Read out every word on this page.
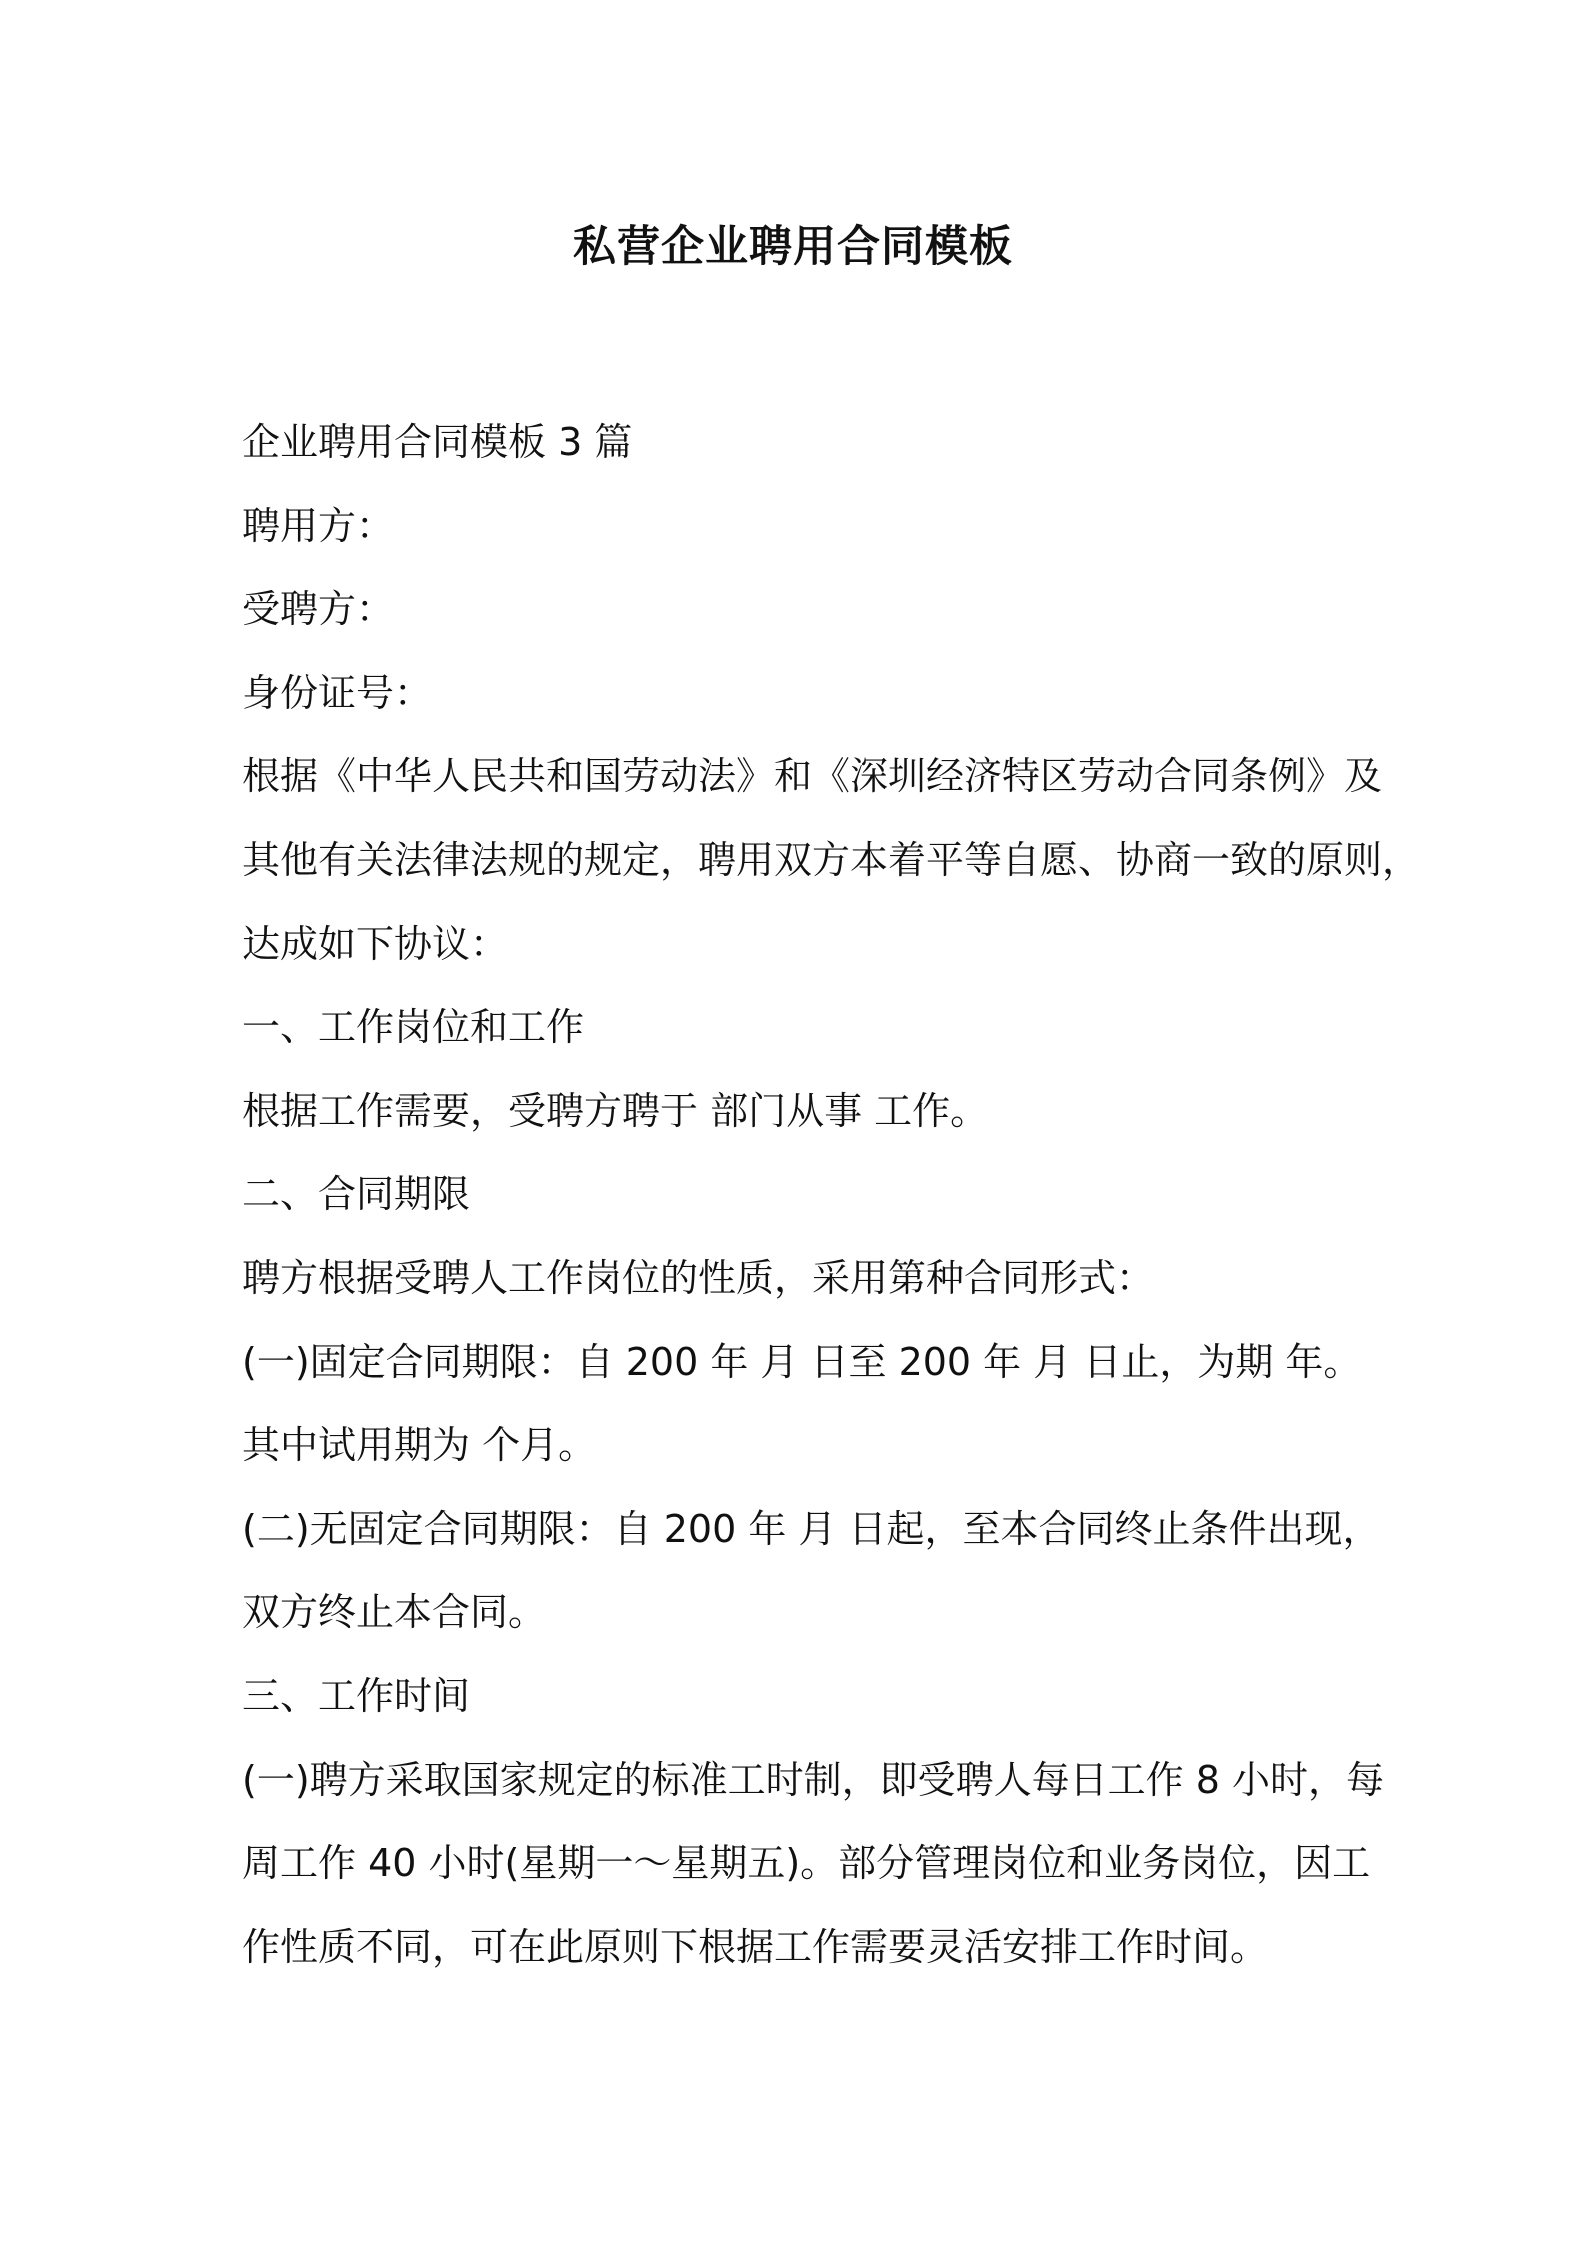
私营企业聘用合同模板
企业聘用合同模板 3 篇
聘用方：
受聘方：
身份证号：
根据《中华人民共和国劳动法》和《深圳经济特区劳动合同条例》及
其他有关法律法规的规定，聘用双方本着平等自愿、协商一致的原则，
达成如下协议：
一、工作岗位和工作
根据工作需要，受聘方聘于 部门从事 工作。
二、合同期限
聘方根据受聘人工作岗位的性质，采用第种合同形式：
(一)固定合同期限：自 200 年 月 日至 200 年 月 日止，为期 年。
其中试用期为 个月。
(二)无固定合同期限：自 200 年 月 日起，至本合同终止条件出现，
双方终止本合同。
三、工作时间
(一)聘方采取国家规定的标准工时制，即受聘人每日工作 8 小时，每
周工作 40 小时(星期一～星期五)。部分管理岗位和业务岗位，因工
作性质不同，可在此原则下根据工作需要灵活安排工作时间。
